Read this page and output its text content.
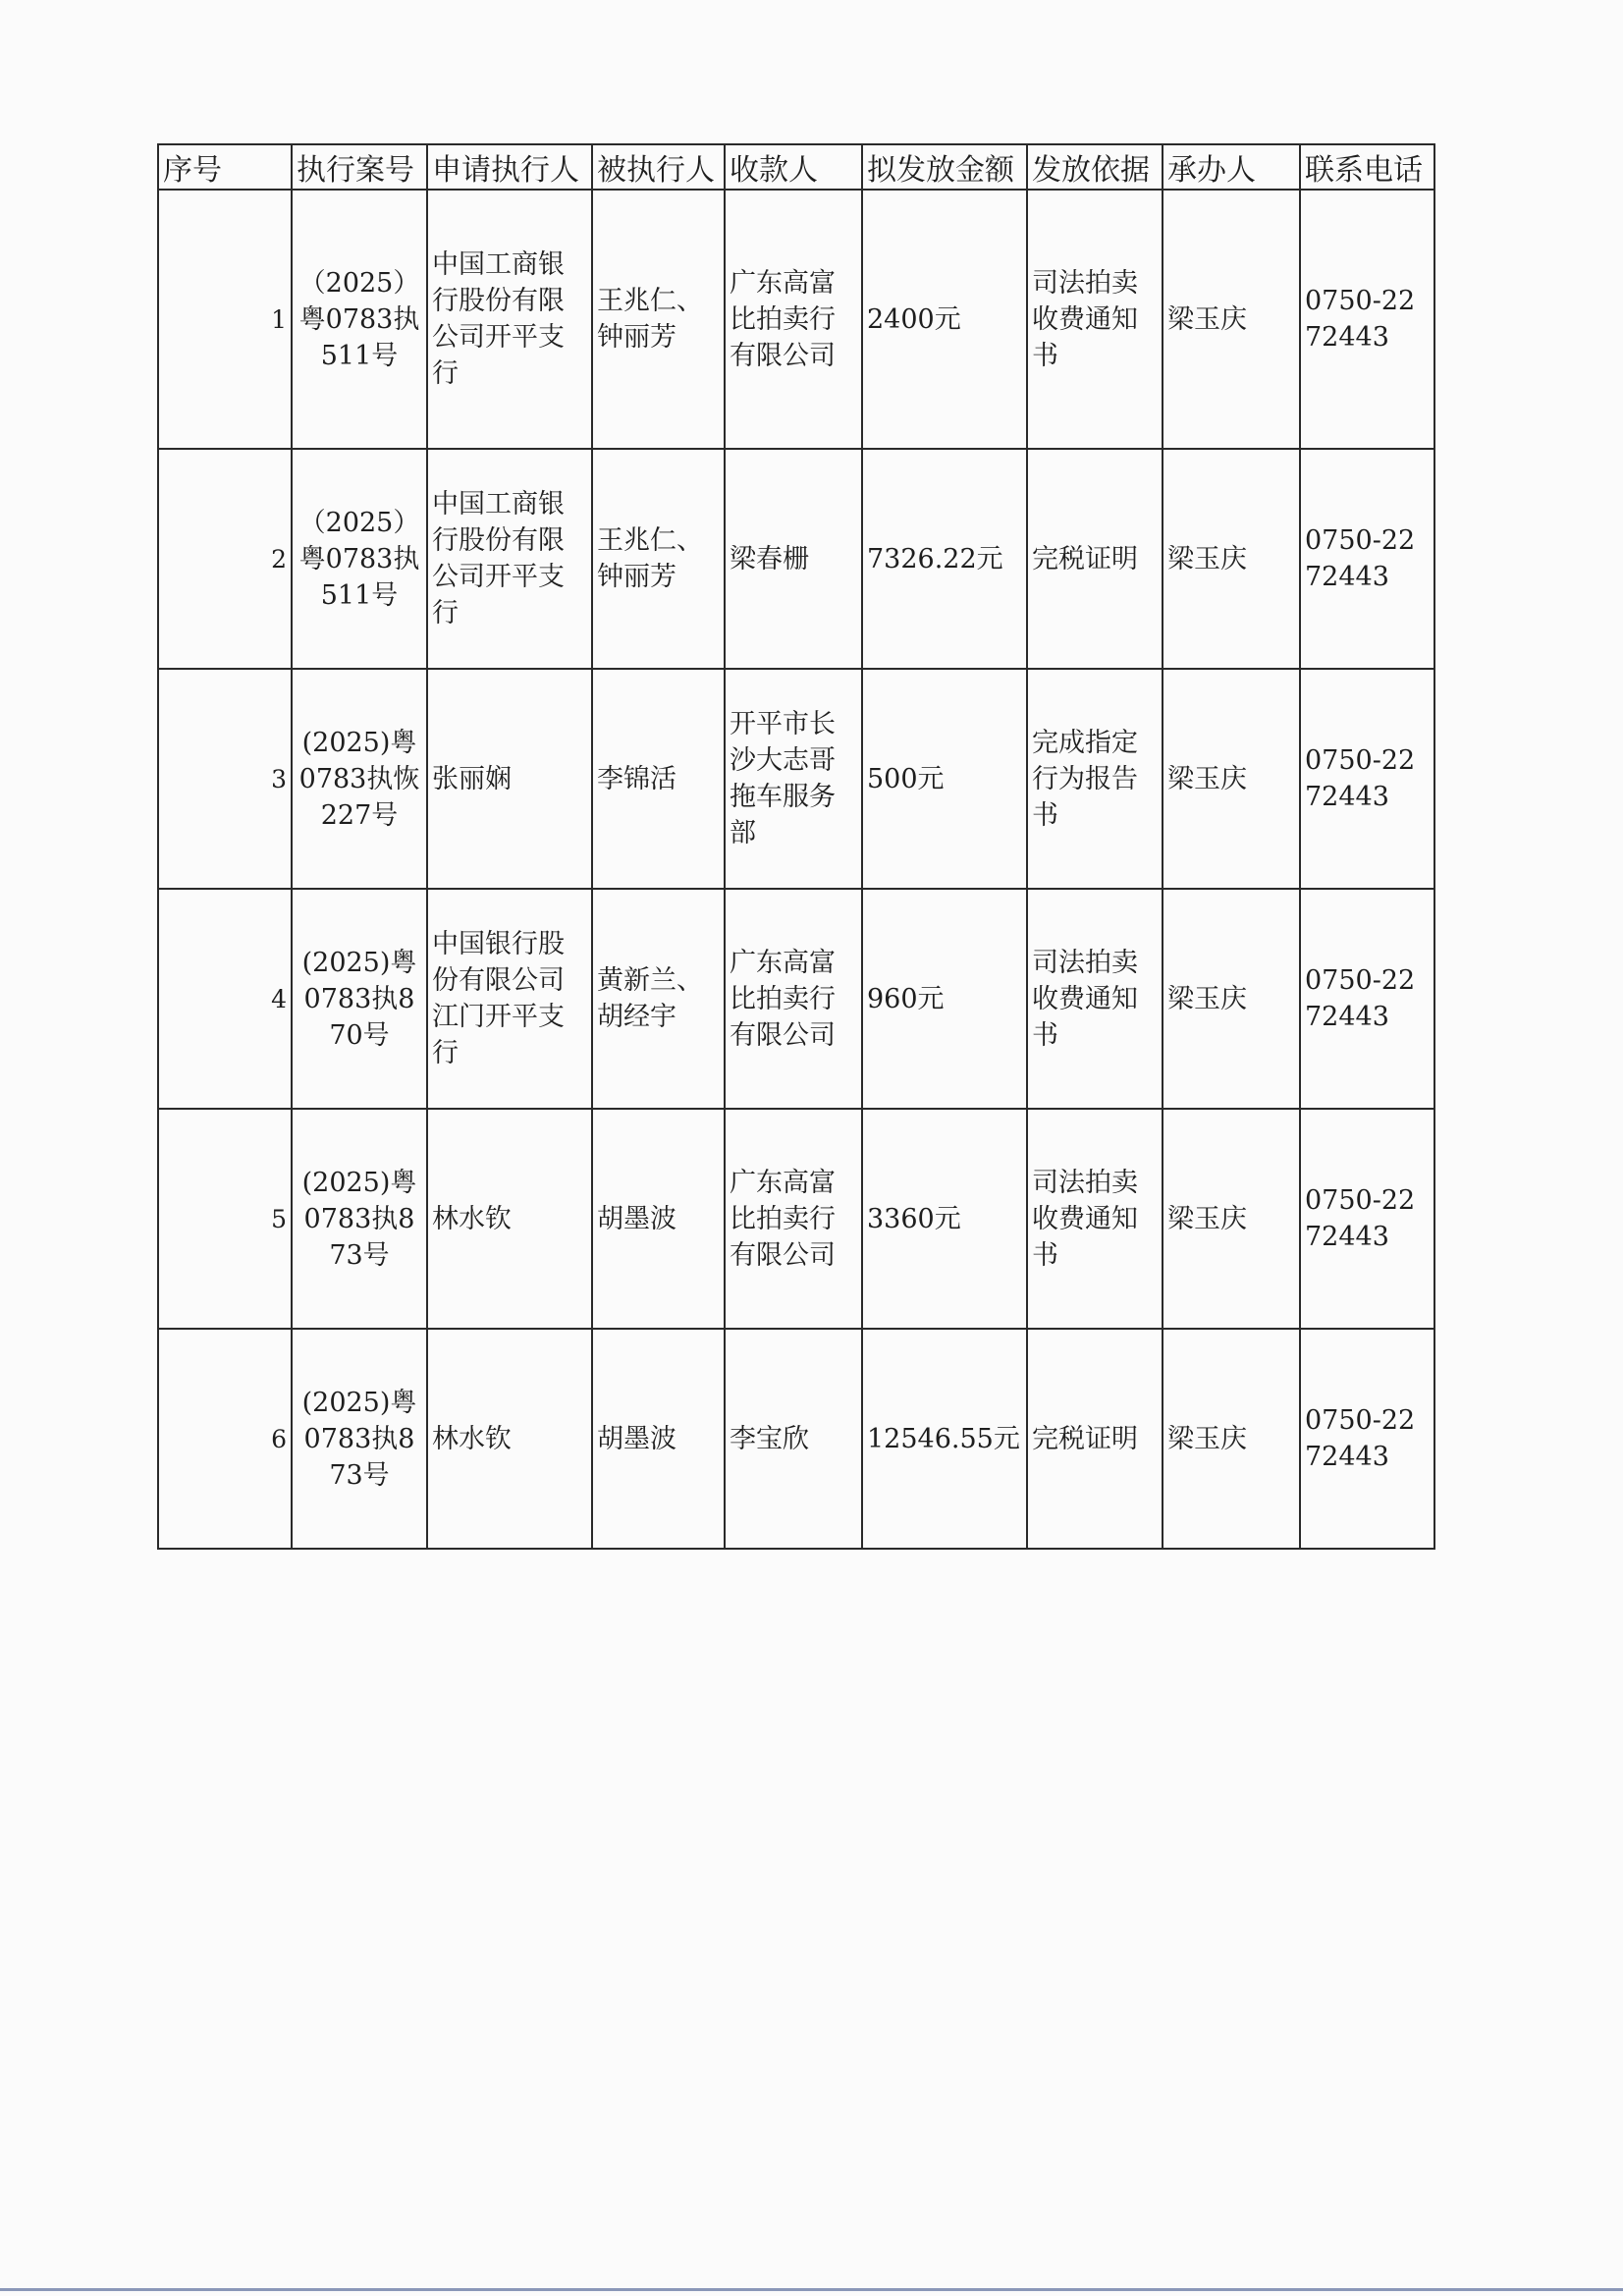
序号	执行案号	申请执行人	被执行人	收款人	拟发放金额	发放依据	承办人	联系电话
1	（2025）粤0783执511号	中国工商银行股份有限公司开平支行	王兆仁、钟丽芳	广东高富比拍卖行有限公司	2400元	司法拍卖收费通知书	梁玉庆	0750-2272443
2	（2025）粤0783执511号	中国工商银行股份有限公司开平支行	王兆仁、钟丽芳	梁春栅	7326.22元	完税证明	梁玉庆	0750-2272443
3	(2025)粤0783执恢227号	张丽娴	李锦活	开平市长沙大志哥拖车服务部	500元	完成指定行为报告书	梁玉庆	0750-2272443
4	(2025)粤0783执870号	中国银行股份有限公司江门开平支行	黄新兰、胡经宇	广东高富比拍卖行有限公司	960元	司法拍卖收费通知书	梁玉庆	0750-2272443
5	(2025)粤0783执873号	林水钦	胡墨波	广东高富比拍卖行有限公司	3360元	司法拍卖收费通知书	梁玉庆	0750-2272443
6	(2025)粤0783执873号	林水钦	胡墨波	李宝欣	12546.55元	完税证明	梁玉庆	0750-2272443
